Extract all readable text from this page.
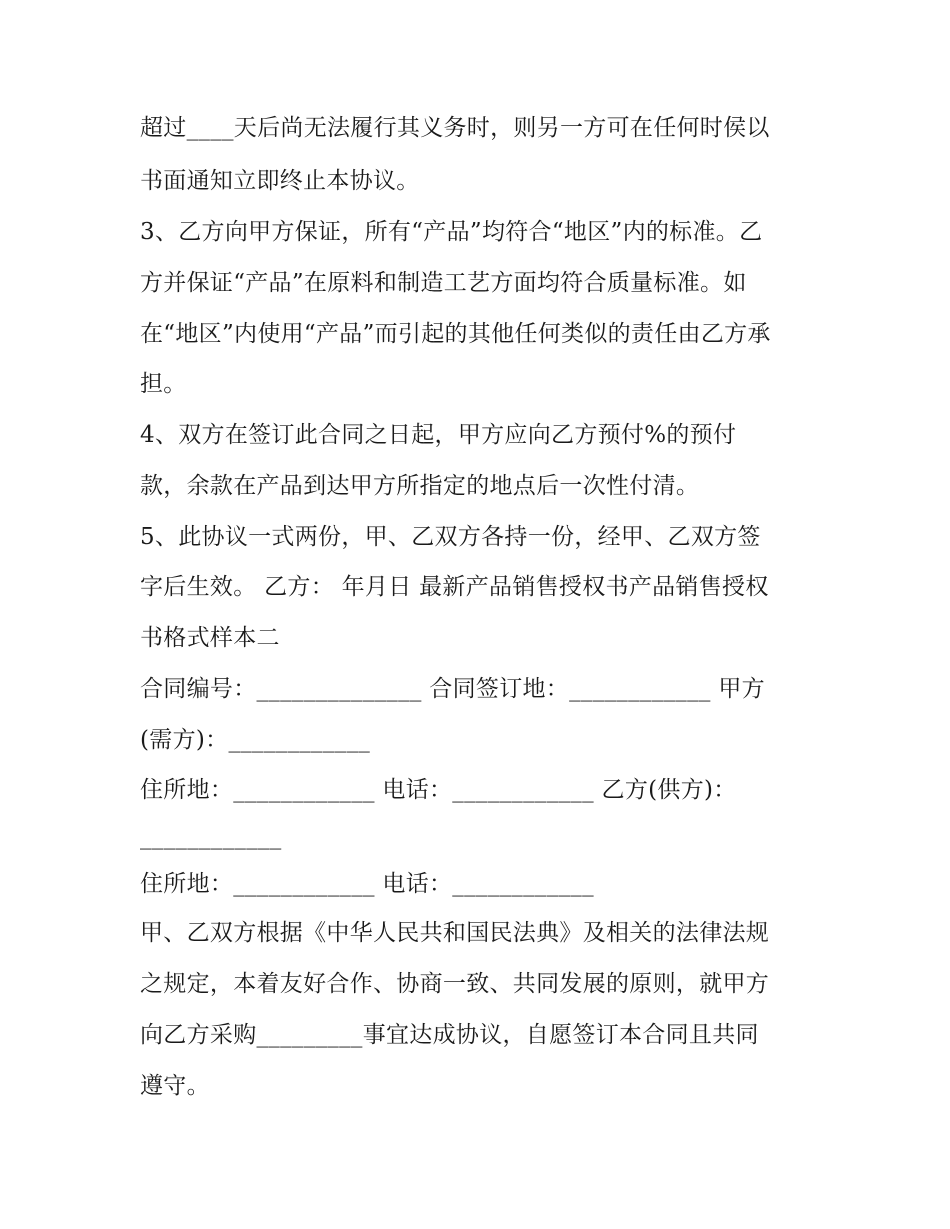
超过____天后尚无法履行其义务时，则另一方可在任何时侯以
书面通知立即终止本协议。
3、乙方向甲方保证，所有“产品”均符合“地区”内的标准。乙
方并保证“产品”在原料和制造工艺方面均符合质量标准。如
在“地区”内使用“产品”而引起的其他任何类似的责任由乙方承
担。
4、双方在签订此合同之日起，甲方应向乙方预付%的预付
款，余款在产品到达甲方所指定的地点后一次性付清。
5、此协议一式两份，甲、乙双方各持一份，经甲、乙双方签
字后生效。 乙方： 年月日 最新产品销售授权书产品销售授权
书格式样本二
合同编号：______________ 合同签订地：____________ 甲方
(需方)：____________
住所地：____________ 电话：____________ 乙方(供方)：
____________
住所地：____________ 电话：____________
甲、乙双方根据《中华人民共和国民法典》及相关的法律法规
之规定，本着友好合作、协商一致、共同发展的原则，就甲方
向乙方采购_________事宜达成协议，自愿签订本合同且共同
遵守。
